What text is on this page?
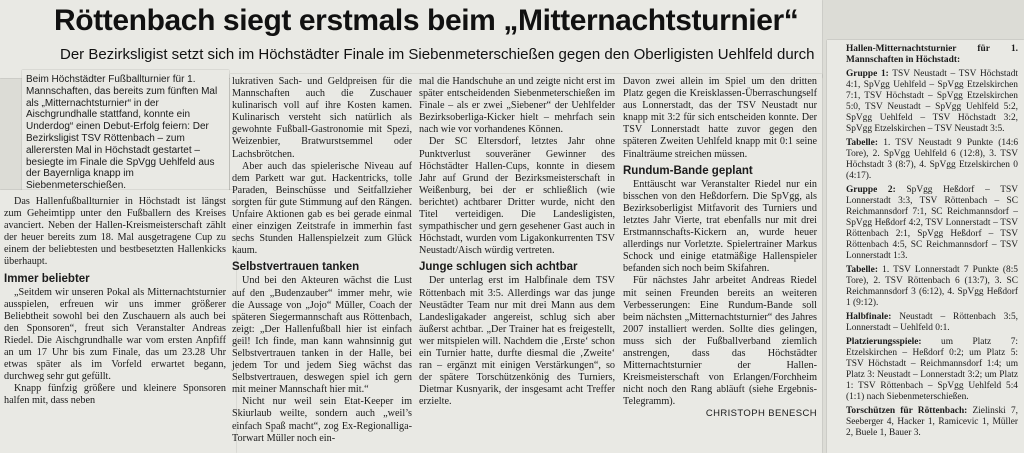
Röttenbach siegt erstmals beim „Mitternachtsturnier“
Der Bezirksligist setzt sich im Höchstädter Finale im Siebenmeterschießen gegen den Oberligisten Uehlfeld durch

Beim Höchstädter Fußballturnier für 1. Mannschaften, das bereits zum fünften Mal als „Mitternachtsturnier“ in der Aischgrundhalle stattfand, konnte ein Underdog“ einen Debut-Erfolg feiern: Der Bezirksligist TSV Röttenbach – zum allerersten Mal in Höchstadt gestartet – besiegte im Finale die SpVgg Uehlfeld aus der Bayernliga knapp im Siebenmeterschießen.

Das Hallenfußballturnier in Höchstadt ist längst zum Geheimtipp unter den Fußballern des Kreises avanciert. Neben der Hallen-Kreismeisterschaft zählt der heuer bereits zum 18. Mal ausgetragene Cup zu einem der beliebtesten und bestbesetzten Hallenkicks überhaupt.

Immer beliebter

„Seitdem wir unseren Pokal als Mitternachtsturnier ausspielen, erfreuen wir uns immer größerer Beliebtheit sowohl bei den Zuschauern als auch bei den Sponsoren“, freut sich Veranstalter Andreas Riedel. Die Aischgrundhalle war vom ersten Anpfiff an um 17 Uhr bis zum Finale, das um 23.28 Uhr etwas später als im Vorfeld erwartet begann, durchweg sehr gut gefüllt.

Knapp fünfzig größere und kleinere Sponsoren halfen mit, dass neben

lukrativen Sach- und Geldpreisen für die Mannschaften auch die Zuschauer kulinarisch voll auf ihre Kosten kamen. Kulinarisch versteht sich natürlich als gewohnte Fußball-Gastronomie mit Spezi, Weizenbier, Bratwurstsemmel oder Lachsbrötchen.

Aber auch das spielerische Niveau auf dem Parkett war gut. Hackentricks, tolle Paraden, Beinschüsse und Seitfallzieher sorgten für gute Stimmung auf den Rängen. Unfaire Aktionen gab es bei gerade einmal einer einzigen Zeitstrafe in immerhin fast sechs Stunden Hallenspielzeit zum Glück kaum.

Selbstvertrauen tanken

Und bei den Akteuren wächst die Lust auf den „Budenzauber“ immer mehr, wie die Aussage von „Jojo“ Müller, Coach der späteren Siegermannschaft aus Röttenbach, zeigt: „Der Hallenfußball hier ist einfach geil! Ich finde, man kann wahnsinnig gut Selbstvertrauen tanken in der Halle, bei jedem Tor und jedem Sieg wächst das Selbstvertrauen, deswegen spiel ich gern mit meiner Mannschaft hier mit.“

Nicht nur weil sein Etat-Keeper im Skiurlaub weilte, sondern auch „weil’s einfach Spaß macht“, zog Ex-Regionalliga-Torwart Müller noch ein-

mal die Handschuhe an und zeigte nicht erst im später entscheidenden Siebenmeterschießen im Finale – als er zwei „Siebener“ der Uehlfelder Bezirksoberliga-Kicker hielt – mehrfach sein nach wie vor vorhandenes Können.

Der SC Eltersdorf, letztes Jahr ohne Punktverlust souveräner Gewinner des Höchstädter Hallen-Cups, konnte in diesem Jahr auf Grund der Bezirksmeisterschaft in Weißenburg, bei der er schließlich (wie berichtet) achtbarer Dritter wurde, nicht den Titel verteidigen. Die Landesligisten, sympathischer und gern gesehener Gast auch in Höchstadt, wurden vom Ligakonkurrenten TSV Neustadt/Aisch würdig vertreten.

Junge schlugen sich achtbar

Der unterlag erst im Halbfinale dem TSV Röttenbach mit 3:5. Allerdings war das junge Neustädter Team nur mit drei Mann aus dem Landesligakader angereist, schlug sich aber äußerst achtbar. „Der Trainer hat es freigestellt, wer mitspielen will. Nachdem die ‚Erste‘ schon ein Turnier hatte, durfte diesmal die ‚Zweite‘ ran – ergänzt mit einigen Verstärkungen“, so der spätere Torschützenkönig des Turniers, Dietmar Kusnyarik, der insgesamt acht Treffer erzielte.

Davon zwei allein im Spiel um den dritten Platz gegen die Kreisklassen-Überraschungself aus Lonnerstadt, das der TSV Neustadt nur knapp mit 3:2 für sich entscheiden konnte. Der TSV Lonnerstadt hatte zuvor gegen den späteren Zweiten Uehlfeld knapp mit 0:1 seine Finalträume streichen müssen.

Rundum-Bande geplant

Enttäuscht war Veranstalter Riedel nur ein bisschen von den Heßdorfern. Die SpVgg, als Bezirksoberligist Mitfavorit des Turniers und letztes Jahr Vierte, trat ebenfalls nur mit drei Erstmannschafts-Kickern an, wurde heuer allerdings nur Vorletzte. Spielertrainer Markus Schock und einige etatmäßige Hallenspieler befanden sich noch beim Skifahren.

Für nächstes Jahr arbeitet Andreas Riedel mit seinen Freunden bereits an weiteren Verbesserungen: Eine Rundum-Bande soll beim nächsten „Mitternachtsturnier“ des Jahres 2007 installiert werden. Sollte dies gelingen, muss sich der Fußballverband ziemlich anstrengen, dass das Höchstädter Mitternachtsturnier der Hallen-Kreismeisterschaft von Erlangen/Forchheim nicht noch den Rang abläuft (siehe Ergebnis-Telegramm).

CHRISTOPH BENESCH

Hallen-Mitternachtsturnier für 1. Mannschaften in Höchstadt:

Gruppe 1: TSV Neustadt – TSV Höchstadt 4:1, SpVgg Uehlfeld – SpVgg Etzelskirchen 7:1, TSV Höchstadt – SpVgg Etzelskirchen 5:0, TSV Neustadt – SpVgg Uehlfeld 5:2, SpVgg Uehlfeld – TSV Höchstadt 3:2, SpVgg Etzelskirchen – TSV Neustadt 3:5.

Tabelle: 1. TSV Neustadt 9 Punkte (14:6 Tore), 2. SpVgg Uehlfeld 6 (12:8), 3. TSV Höchstadt 3 (8:7), 4. SpVgg Etzelskirchen 0 (4:17).

Gruppe 2: SpVgg Heßdorf – TSV Lonnerstadt 3:3, TSV Röttenbach – SC Reichmannsdorf 7:1, SC Reichmannsdorf – SpVgg Heßdorf 4:2, TSV Lonnerstadt – TSV Röttenbach 2:1, SpVgg Heßdorf – TSV Röttenbach 4:5, SC Reichmannsdorf – TSV Lonnerstadt 1:3.

Tabelle: 1. TSV Lonnerstadt 7 Punkte (8:5 Tore), 2. TSV Röttenbach 6 (13:7), 3. SC Reichmannsdorf 3 (6:12), 4. SpVgg Heßdorf 1 (9:12).

Halbfinale: Neustadt – Röttenbach 3:5, Lonnerstadt – Uehlfeld 0:1.

Platzierungsspiele: um Platz 7: Etzelskirchen – Heßdorf 0:2; um Platz 5: TSV Höchstadt – Reichmannsdorf 1:4; um Platz 3: Neustadt – Lonnerstadt 3:2; um Platz 1: TSV Röttenbach – SpVgg Uehlfeld 5:4 (1:1) nach Siebenmeterschießen.

Torschützen für Röttenbach: Zielinski 7, Seeberger 4, Hacker 1, Ramicevic 1, Müller 2, Buele 1, Bauer 3.
